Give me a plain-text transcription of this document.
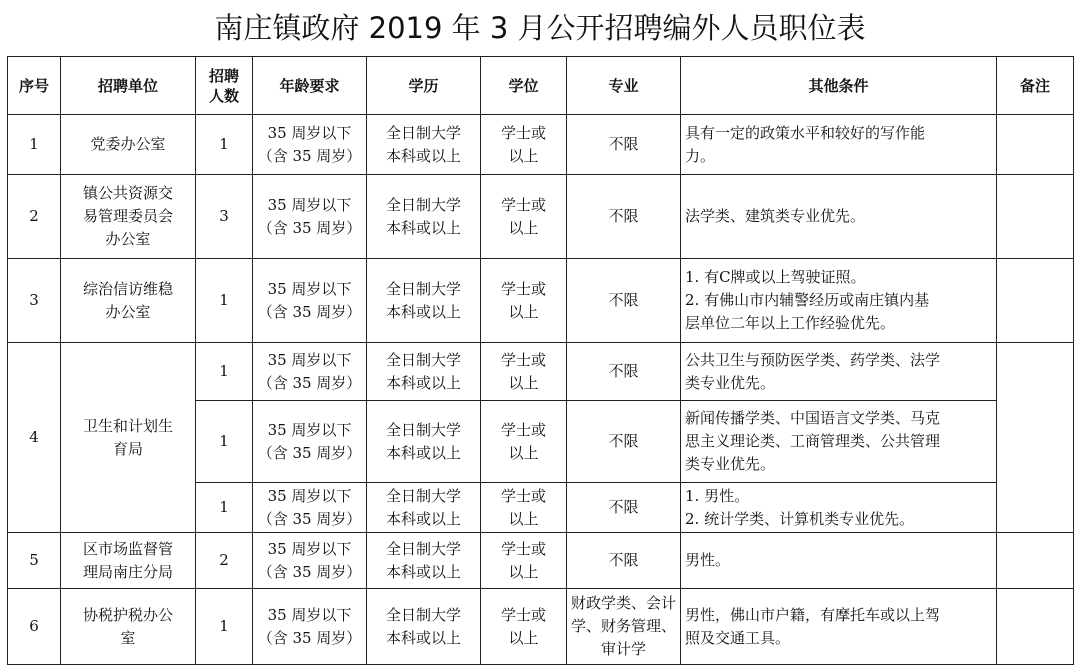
南庄镇政府 2019 年 3 月公开招聘编外人员职位表
序号	招聘单位	招聘
人数	年龄要求	学历	学位	专业	其他条件	备注
1	党委办公室	1	35 周岁以下
（含 35 周岁）	全日制大学
本科或以上	学士或
以上	不限	具有一定的政策水平和较好的写作能
力。	

2	镇公共资源交
易管理委员会
办公室	3	35 周岁以下
（含 35 周岁）	全日制大学
本科或以上	学士或
以上	不限	法学类、建筑类专业优先。	

3	综治信访维稳
办公室	1	35 周岁以下
（含 35 周岁）	全日制大学
本科或以上	学士或
以上	不限	1. 有C牌或以上驾驶证照。
2. 有佛山市内辅警经历或南庄镇内基
层单位二年以上工作经验优先。	

4	卫生和计划生
育局	1	35 周岁以下
（含 35 周岁）	全日制大学
本科或以上	学士或
以上	不限	公共卫生与预防医学类、药学类、法学
类专业优先。	

		1	35 周岁以下
（含 35 周岁）	全日制大学
本科或以上	学士或
以上	不限	新闻传播学类、中国语言文学类、马克
思主义理论类、工商管理类、公共管理
类专业优先。	

		1	35 周岁以下
（含 35 周岁）	全日制大学
本科或以上	学士或
以上	不限	1. 男性。
2. 统计学类、计算机类专业优先。	

5	区市场监督管
理局南庄分局	2	35 周岁以下
（含 35 周岁）	全日制大学
本科或以上	学士或
以上	不限	男性。	

6	协税护税办公
室	1	35 周岁以下
（含 35 周岁）	全日制大学
本科或以上	学士或
以上	财政学类、会计
学、财务管理、
审计学	男性，佛山市户籍，有摩托车或以上驾
照及交通工具。	
